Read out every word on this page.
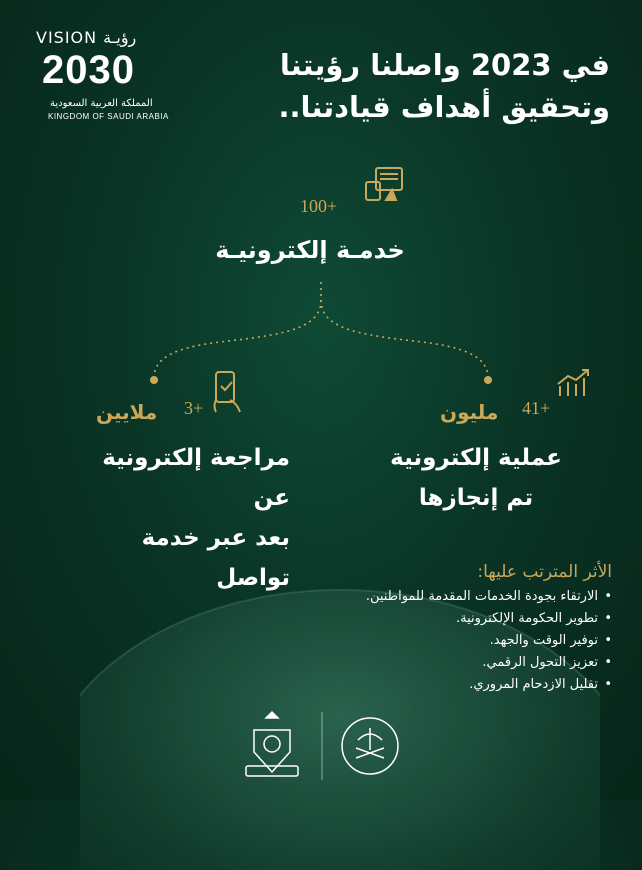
VISION رؤيـة
2030
المملكة العربية السعودية
KINGDOM OF SAUDI ARABIA
في 2023 واصلنا رؤيتنا
وتحقيق أهداف قيادتنا..
100+
خدمـة إلكترونيـة
3+
ملايين
مراجعة إلكترونية عن
بعد عبر خدمة تواصل
41+
مليون
عملية إلكترونية
تم إنجازها
الأثر المترتب عليها:
• الارتقاء بجودة الخدمات المقدمة للمواطنين.
• تطوير الحكومة الإلكترونية.
• توفير الوقت والجهد.
• تعزيز التحول الرقمي.
• تقليل الازدحام المروري.
